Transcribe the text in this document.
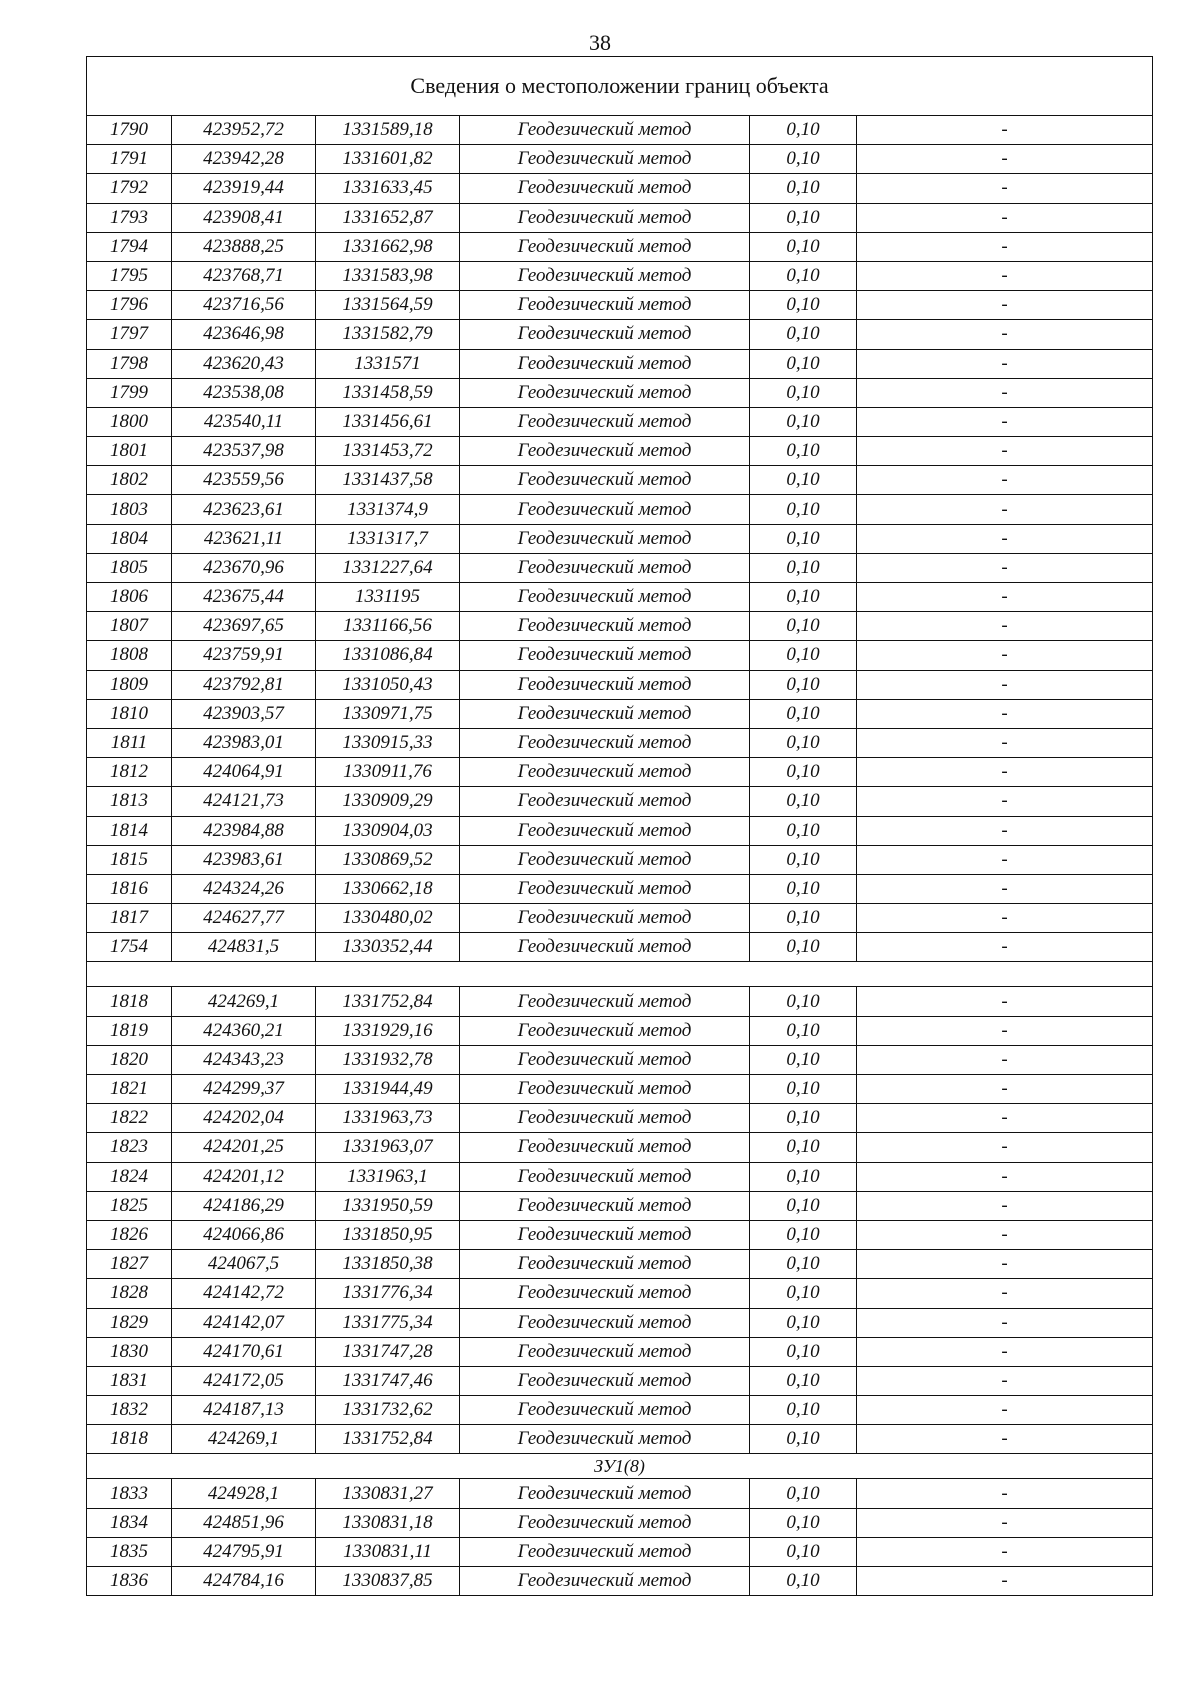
38
Сведения о местоположении границ объекта					
1790	423952,72	1331589,18	Геодезический метод	0,10	-
1791	423942,28	1331601,82	Геодезический метод	0,10	-
1792	423919,44	1331633,45	Геодезический метод	0,10	-
1793	423908,41	1331652,87	Геодезический метод	0,10	-
1794	423888,25	1331662,98	Геодезический метод	0,10	-
1795	423768,71	1331583,98	Геодезический метод	0,10	-
1796	423716,56	1331564,59	Геодезический метод	0,10	-
1797	423646,98	1331582,79	Геодезический метод	0,10	-
1798	423620,43	1331571	Геодезический метод	0,10	-
1799	423538,08	1331458,59	Геодезический метод	0,10	-
1800	423540,11	1331456,61	Геодезический метод	0,10	-
1801	423537,98	1331453,72	Геодезический метод	0,10	-
1802	423559,56	1331437,58	Геодезический метод	0,10	-
1803	423623,61	1331374,9	Геодезический метод	0,10	-
1804	423621,11	1331317,7	Геодезический метод	0,10	-
1805	423670,96	1331227,64	Геодезический метод	0,10	-
1806	423675,44	1331195	Геодезический метод	0,10	-
1807	423697,65	1331166,56	Геодезический метод	0,10	-
1808	423759,91	1331086,84	Геодезический метод	0,10	-
1809	423792,81	1331050,43	Геодезический метод	0,10	-
1810	423903,57	1330971,75	Геодезический метод	0,10	-
1811	423983,01	1330915,33	Геодезический метод	0,10	-
1812	424064,91	1330911,76	Геодезический метод	0,10	-
1813	424121,73	1330909,29	Геодезический метод	0,10	-
1814	423984,88	1330904,03	Геодезический метод	0,10	-
1815	423983,61	1330869,52	Геодезический метод	0,10	-
1816	424324,26	1330662,18	Геодезический метод	0,10	-
1817	424627,77	1330480,02	Геодезический метод	0,10	-
1754	424831,5	1330352,44	Геодезический метод	0,10	-

1818	424269,1	1331752,84	Геодезический метод	0,10	-
1819	424360,21	1331929,16	Геодезический метод	0,10	-
1820	424343,23	1331932,78	Геодезический метод	0,10	-
1821	424299,37	1331944,49	Геодезический метод	0,10	-
1822	424202,04	1331963,73	Геодезический метод	0,10	-
1823	424201,25	1331963,07	Геодезический метод	0,10	-
1824	424201,12	1331963,1	Геодезический метод	0,10	-
1825	424186,29	1331950,59	Геодезический метод	0,10	-
1826	424066,86	1331850,95	Геодезический метод	0,10	-
1827	424067,5	1331850,38	Геодезический метод	0,10	-
1828	424142,72	1331776,34	Геодезический метод	0,10	-
1829	424142,07	1331775,34	Геодезический метод	0,10	-
1830	424170,61	1331747,28	Геодезический метод	0,10	-
1831	424172,05	1331747,46	Геодезический метод	0,10	-
1832	424187,13	1331732,62	Геодезический метод	0,10	-
1818	424269,1	1331752,84	Геодезический метод	0,10	-
ЗУ1(8)					
1833	424928,1	1330831,27	Геодезический метод	0,10	-
1834	424851,96	1330831,18	Геодезический метод	0,10	-
1835	424795,91	1330831,11	Геодезический метод	0,10	-
1836	424784,16	1330837,85	Геодезический метод	0,10	-
